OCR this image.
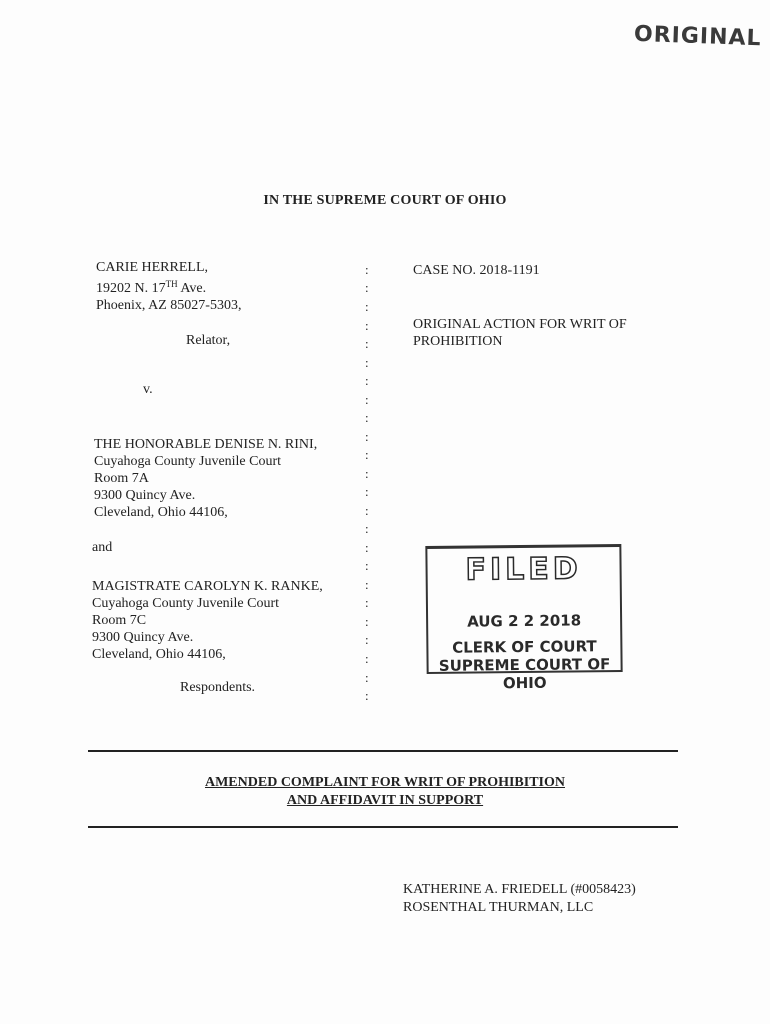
ORIGINAL
IN THE SUPREME COURT OF OHIO
CARIE HERRELL,
19202 N. 17TH Ave.
Phoenix, AZ 85027-5303,
Relator,
v.
THE HONORABLE DENISE N. RINI,
Cuyahoga County Juvenile Court
Room 7A
9300 Quincy Ave.
Cleveland, Ohio 44106,
and
MAGISTRATE CAROLYN K. RANKE,
Cuyahoga County Juvenile Court
Room 7C
9300 Quincy Ave.
Cleveland, Ohio 44106,
Respondents.
:
:
:
:
:
:
:
:
:
:
:
:
:
:
:
:
:
:
:
:
:
:
:
:
CASE NO. 2018-1191
ORIGINAL ACTION FOR WRIT OF
PROHIBITION
FILED
AUG 2 2 2018
CLERK OF COURT
SUPREME COURT OF OHIO
AMENDED COMPLAINT FOR WRIT OF PROHIBITION
AND AFFIDAVIT IN SUPPORT
KATHERINE A. FRIEDELL (#0058423)
ROSENTHAL THURMAN, LLC
